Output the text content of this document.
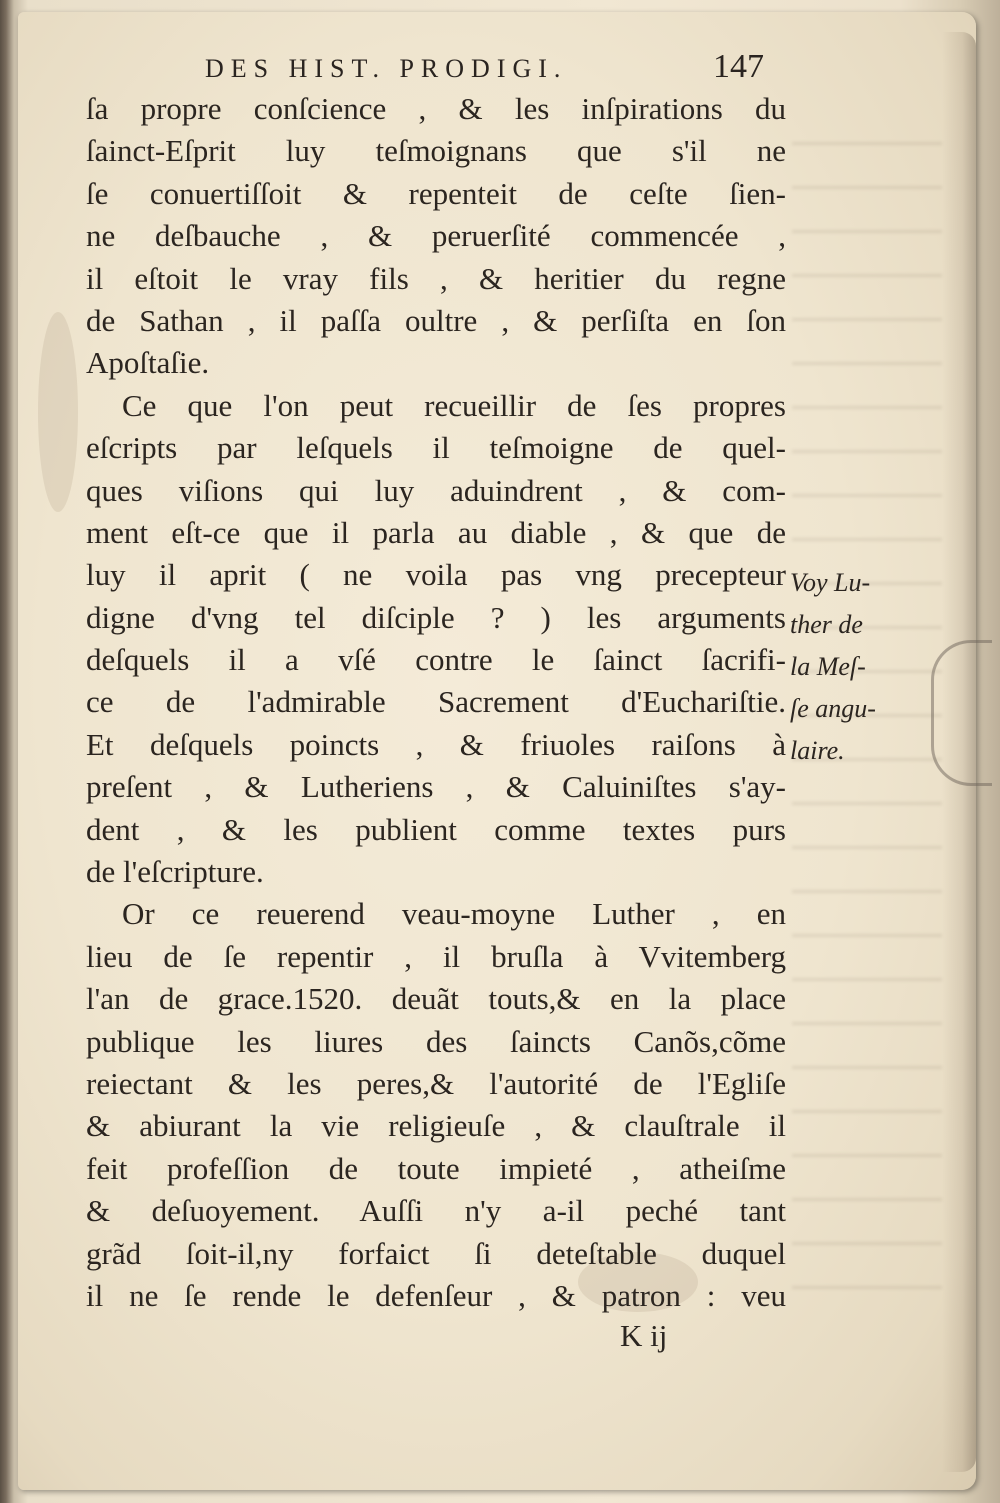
DES HIST. PRODIGI.	147
ſa propre conſcience , & les inſpirations du
ſainct-Eſprit luy teſmoignans que s'il ne
ſe conuertiſſoit & repenteit de ceſte ſien-
ne deſbauche , & peruerſité commencée ,
il eſtoit le vray fils , & heritier du regne
de Sathan , il paſſa oultre , & perſiſta en ſon
Apoſtaſie.
Ce que l'on peut recueillir de ſes propres
eſcripts par leſquels il teſmoigne de quel-
ques viſions qui luy aduindrent , & com-
ment eſt-ce que il parla au diable , & que de
luy il aprit ( ne voila pas vng precepteur
digne d'vng tel diſciple ? ) les arguments
deſquels il a vſé contre le ſainct ſacrifi-
ce de l'admirable Sacrement d'Euchariſtie.
Et deſquels poincts , & friuoles raiſons à
preſent , & Lutheriens , & Caluiniſtes s'ay-
dent , & les publient comme textes purs
de l'eſcripture.
Or ce reuerend veau-moyne Luther , en
lieu de ſe repentir , il bruſla à Vvitemberg
l'an de grace.1520. deuãt touts,& en la place
publique les liures des ſaincts Canõs,cõme
reiectant & les peres,& l'autorité de l'Egliſe
& abiurant la vie religieuſe , & clauſtrale il
feit profeſſion de toute impieté , atheiſme
& deſuoyement. Auſſi n'y a-il peché tant
grãd ſoit-il,ny forfaict ſi deteſtable duquel
il ne ſe rende le defenſeur , & patron : veu
Voy Lu-
ther de
la Meſ-
ſe angu-
laire.
K ij
